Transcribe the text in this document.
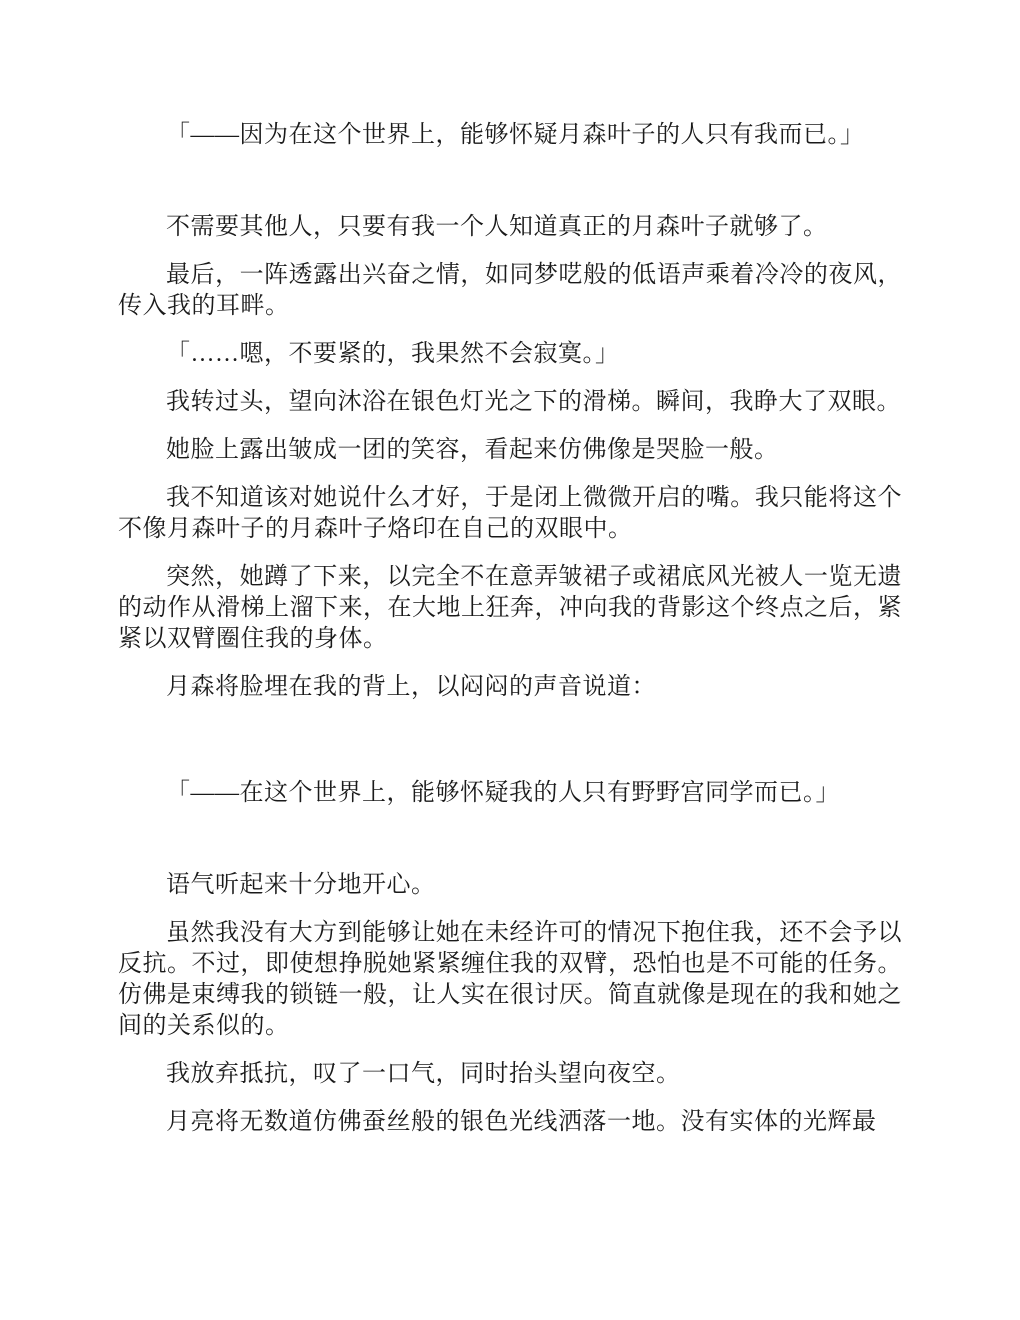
「——因为在这个世界上，能够怀疑月森叶子的人只有我而已。」

不需要其他人，只要有我一个人知道真正的月森叶子就够了。

最后，一阵透露出兴奋之情，如同梦呓般的低语声乘着冷冷的夜风，传入我的耳畔。

「……嗯，不要紧的，我果然不会寂寞。」

我转过头，望向沐浴在银色灯光之下的滑梯。瞬间，我睁大了双眼。

她脸上露出皱成一团的笑容，看起来仿佛像是哭脸一般。

我不知道该对她说什么才好，于是闭上微微开启的嘴。我只能将这个不像月森叶子的月森叶子烙印在自己的双眼中。

突然，她蹲了下来，以完全不在意弄皱裙子或裙底风光被人一览无遗的动作从滑梯上溜下来，在大地上狂奔，冲向我的背影这个终点之后，紧紧以双臂圈住我的身体。

月森将脸埋在我的背上，以闷闷的声音说道：

「——在这个世界上，能够怀疑我的人只有野野宫同学而已。」

语气听起来十分地开心。

虽然我没有大方到能够让她在未经许可的情况下抱住我，还不会予以反抗。不过，即使想挣脱她紧紧缠住我的双臂，恐怕也是不可能的任务。仿佛是束缚我的锁链一般，让人实在很讨厌。简直就像是现在的我和她之间的关系似的。

我放弃抵抗，叹了一口气，同时抬头望向夜空。

月亮将无数道仿佛蚕丝般的银色光线洒落一地。没有实体的光辉最
